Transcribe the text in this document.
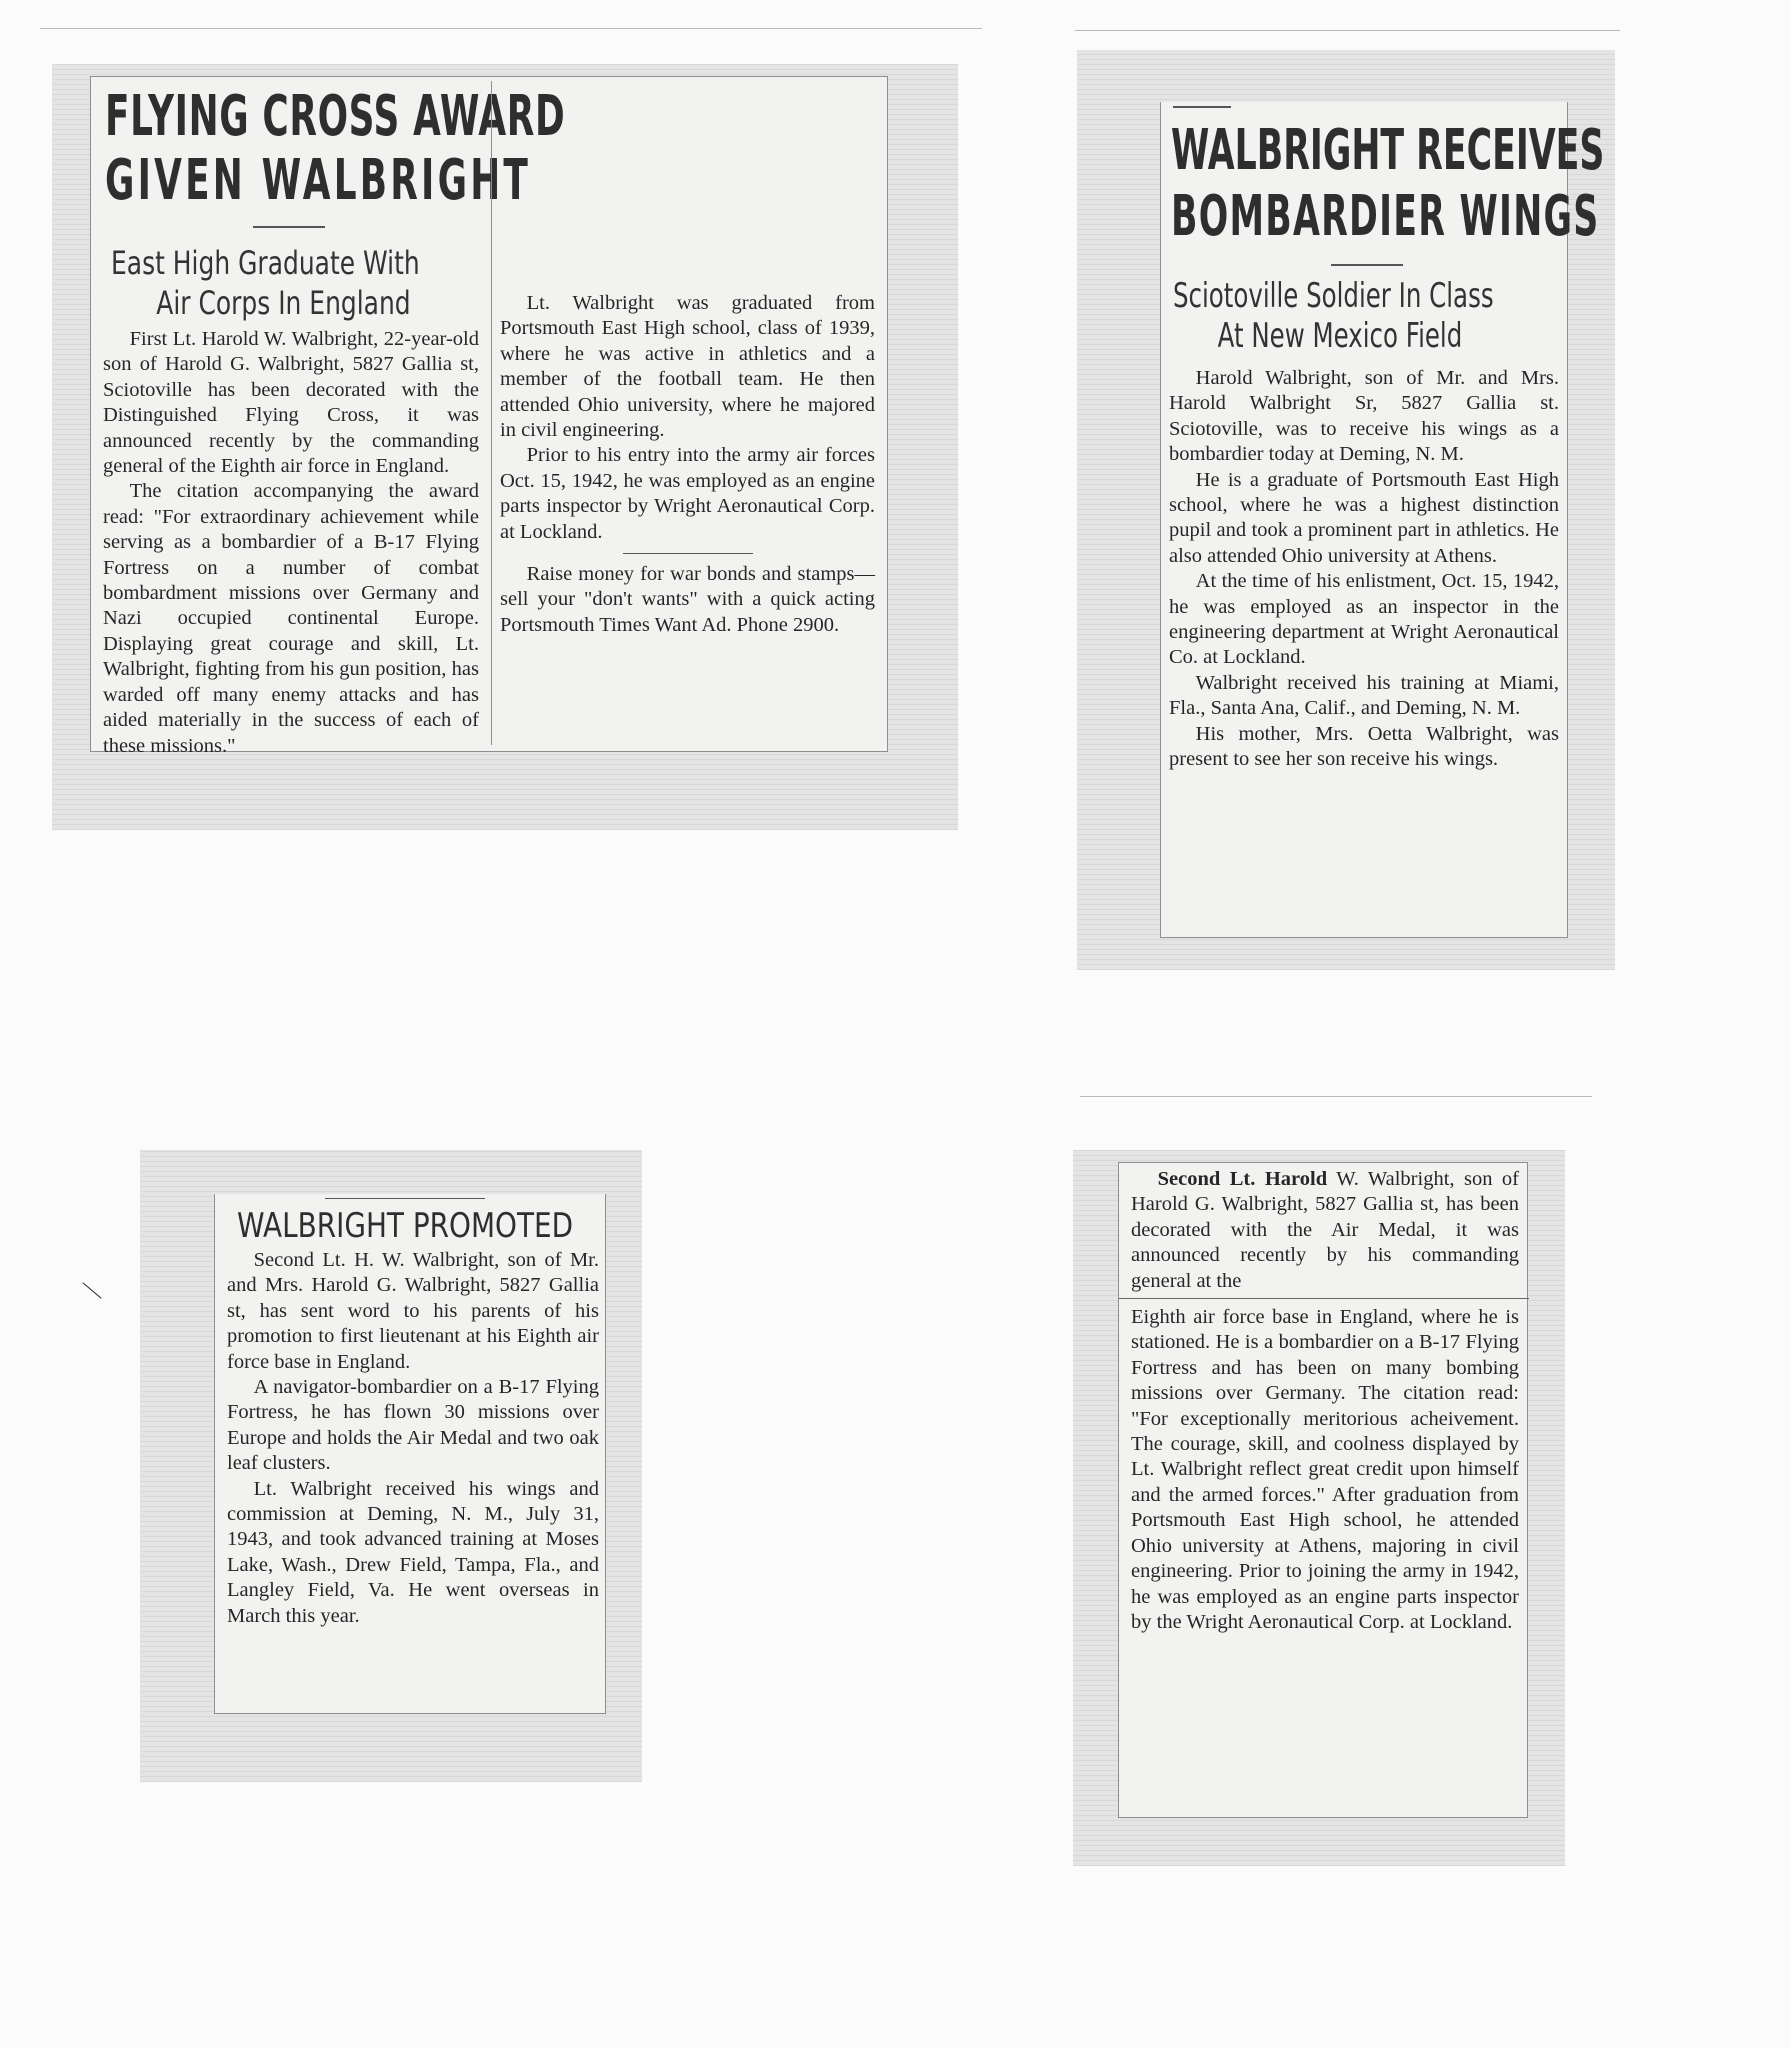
FLYING CROSS AWARD
GIVEN WALBRIGHT
East High Graduate With
Air Corps In England

First Lt. Harold W. Walbright, 22-year-old son of Harold G. Walbright, 5827 Gallia st, Sciotoville has been decorated with the Distinguished Flying Cross, it was announced recently by the commanding general of the Eighth air force in England.

The citation accompanying the award read: "For extraordinary achievement while serving as a bombardier of a B-17 Flying Fortress on a number of combat bombardment missions over Germany and Nazi occupied continental Europe. Displaying great courage and skill, Lt. Walbright, fighting from his gun position, has warded off many enemy attacks and has aided materially in the success of each of these missions."

Lt. Walbright was graduated from Portsmouth East High school, class of 1939, where he was active in athletics and a member of the football team. He then attended Ohio university, where he majored in civil engineering.

Prior to his entry into the army air forces Oct. 15, 1942, he was employed as an engine parts inspector by Wright Aeronautical Corp. at Lockland.

Raise money for war bonds and stamps—sell your "don't wants" with a quick acting Portsmouth Times Want Ad. Phone 2900.

WALBRIGHT RECEIVES
BOMBARDIER WINGS
Sciotoville Soldier In Class
At New Mexico Field

Harold Walbright, son of Mr. and Mrs. Harold Walbright Sr, 5827 Gallia st. Sciotoville, was to receive his wings as a bombardier today at Deming, N. M.

He is a graduate of Portsmouth East High school, where he was a highest distinction pupil and took a prominent part in athletics. He also attended Ohio university at Athens.

At the time of his enlistment, Oct. 15, 1942, he was employed as an inspector in the engineering department at Wright Aeronautical Co. at Lockland.

Walbright received his training at Miami, Fla., Santa Ana, Calif., and Deming, N. M.

His mother, Mrs. Oetta Walbright, was present to see her son receive his wings.

WALBRIGHT PROMOTED

Second Lt. H. W. Walbright, son of Mr. and Mrs. Harold G. Walbright, 5827 Gallia st, has sent word to his parents of his promotion to first lieutenant at his Eighth air force base in England.

A navigator-bombardier on a B-17 Flying Fortress, he has flown 30 missions over Europe and holds the Air Medal and two oak leaf clusters.

Lt. Walbright received his wings and commission at Deming, N. M., July 31, 1943, and took advanced training at Moses Lake, Wash., Drew Field, Tampa, Fla., and Langley Field, Va. He went overseas in March this year.

Second Lt. Harold W. Walbright, son of Harold G. Walbright, 5827 Gallia st, has been decorated with the Air Medal, it was announced recently by his commanding general at the

Eighth air force base in England, where he is stationed. He is a bombardier on a B-17 Flying Fortress and has been on many bombing missions over Germany. The citation read: "For exceptionally meritorious acheivement. The courage, skill, and coolness displayed by Lt. Walbright reflect great credit upon himself and the armed forces." After graduation from Portsmouth East High school, he attended Ohio university at Athens, majoring in civil engineering. Prior to joining the army in 1942, he was employed as an engine parts inspector by the Wright Aeronautical Corp. at Lockland.
